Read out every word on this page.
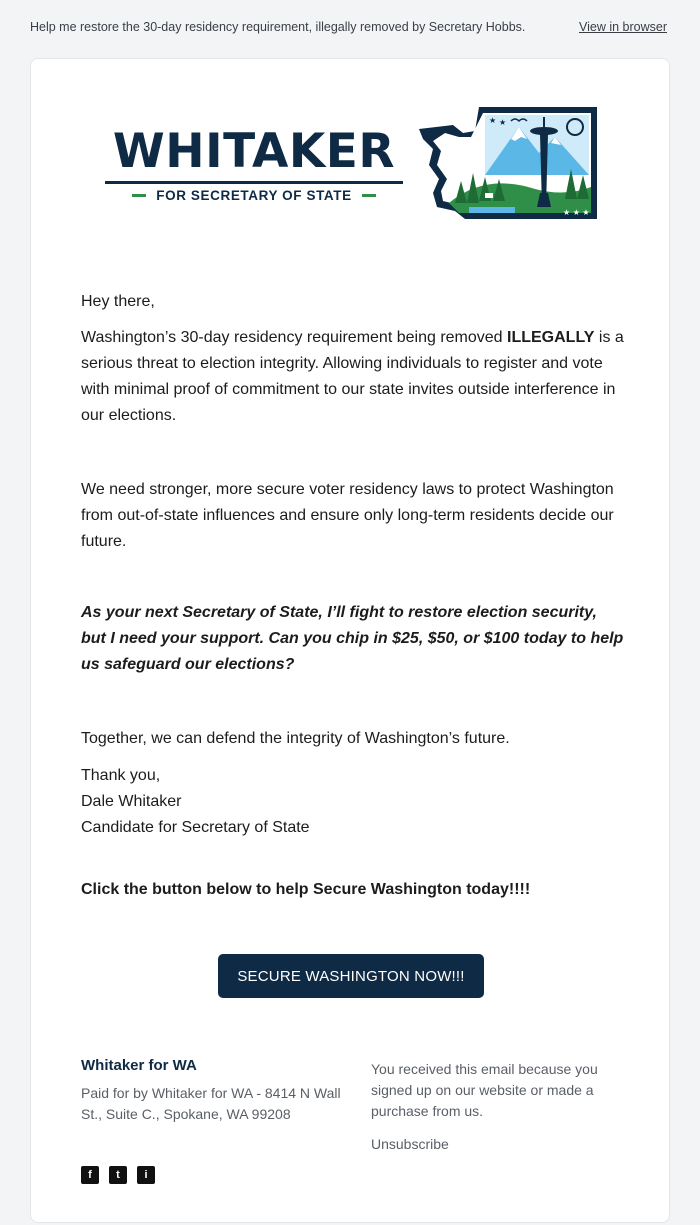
Help me restore the 30-day residency requirement, illegally removed by Secretary Hobbs.	View in browser
WHITAKER
FOR SECRETARY OF STATE
★ ★
★ ★ ★

Hey there,

Washington’s 30-day residency requirement being removed ILLEGALLY is a serious threat to election integrity. Allowing individuals to register and vote with minimal proof of commitment to our state invites outside interference in our elections.

We need stronger, more secure voter residency laws to protect Washington from out-of-state influences and ensure only long-term residents decide our future.

As your next Secretary of State, I’ll fight to restore election security, but I need your support. Can you chip in $25, $50, or $100 today to help us safeguard our elections?

Together, we can defend the integrity of Washington’s future.

Thank you,

Dale Whitaker

Candidate for Secretary of State

Click the button below to help Secure Washington today!!!!

SECURE WASHINGTON NOW!!!
Whitaker for WA
Paid for by Whitaker for WA - 8414 N Wall St., Suite C., Spokane, WA 99208
f	t	i
You received this email because you signed up on our website or made a purchase from us.
Unsubscribe
